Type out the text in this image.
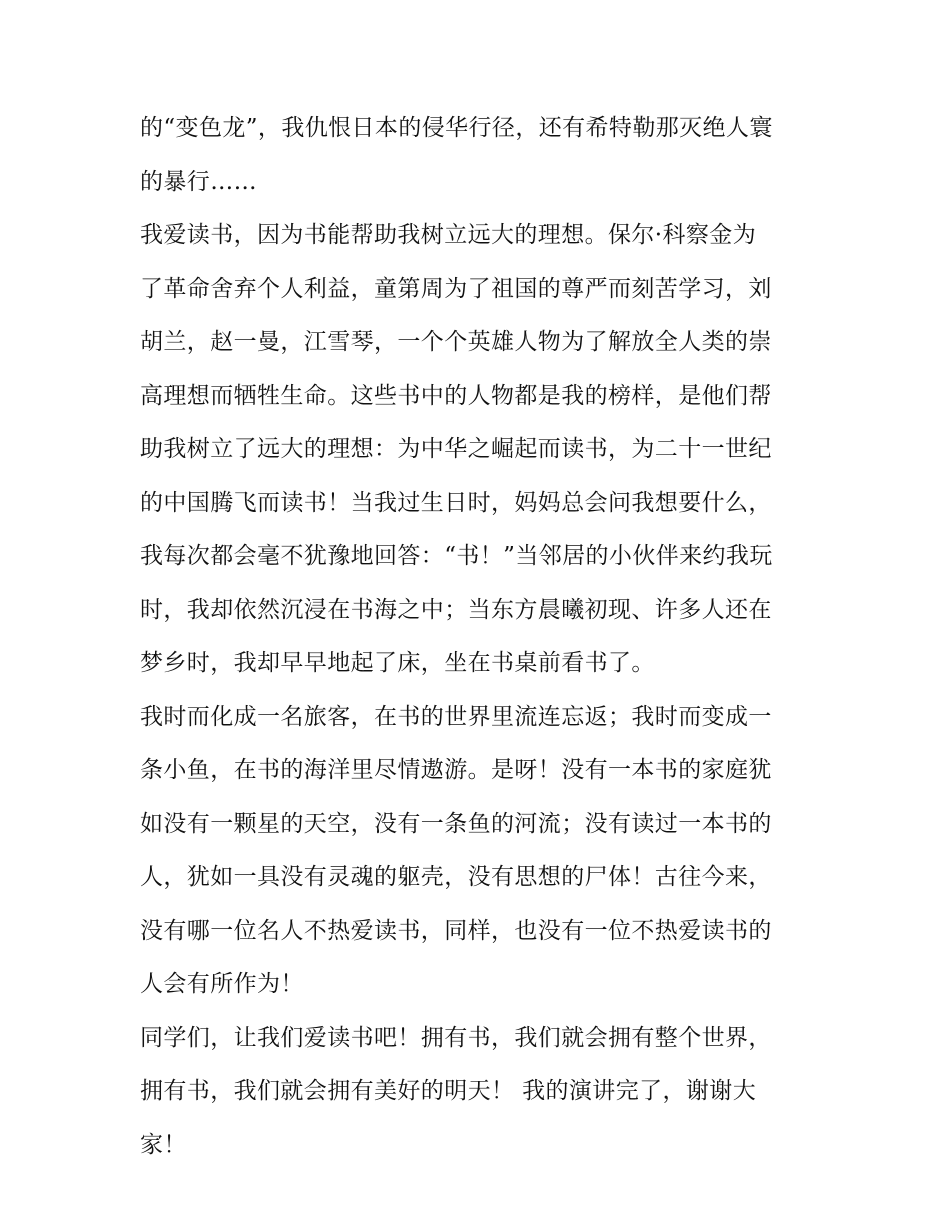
的“变色龙”，我仇恨日本的侵华行径，还有希特勒那灭绝人寰
的暴行……
我爱读书，因为书能帮助我树立远大的理想。保尔·科察金为
了革命舍弃个人利益，童第周为了祖国的尊严而刻苦学习，刘
胡兰，赵一曼，江雪琴，一个个英雄人物为了解放全人类的崇
高理想而牺牲生命。这些书中的人物都是我的榜样，是他们帮
助我树立了远大的理想：为中华之崛起而读书，为二十一世纪
的中国腾飞而读书！当我过生日时，妈妈总会问我想要什么，
我每次都会毫不犹豫地回答：“书！”当邻居的小伙伴来约我玩
时，我却依然沉浸在书海之中；当东方晨曦初现、许多人还在
梦乡时，我却早早地起了床，坐在书桌前看书了。
我时而化成一名旅客，在书的世界里流连忘返；我时而变成一
条小鱼，在书的海洋里尽情遨游。是呀！没有一本书的家庭犹
如没有一颗星的天空，没有一条鱼的河流；没有读过一本书的
人，犹如一具没有灵魂的躯壳，没有思想的尸体！古往今来，
没有哪一位名人不热爱读书，同样，也没有一位不热爱读书的
人会有所作为！
同学们，让我们爱读书吧！拥有书，我们就会拥有整个世界，
拥有书，我们就会拥有美好的明天！ 我的演讲完了，谢谢大
家！
